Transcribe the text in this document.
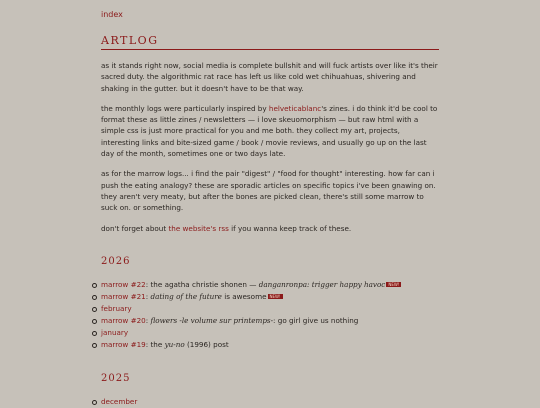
index
ARTLOG

as it stands right now, social media is complete bullshit and will fuck artists over like it's their sacred duty. the algorithmic rat race has left us like cold wet chihuahuas, shivering and shaking in the gutter. but it doesn't have to be that way.

the monthly logs were particularly inspired by helveticablanc's zines. i do think it'd be cool to format these as little zines / newsletters — i love skeuomorphism — but raw html with a simple css is just more practical for you and me both. they collect my art, projects, interesting links and bite-sized game / book / movie reviews, and usually go up on the last day of the month, sometimes one or two days late.

as for the marrow logs... i find the pair "digest" / "food for thought" interesting. how far can i push the eating analogy? these are sporadic articles on specific topics i've been gnawing on. they aren't very meaty, but after the bones are picked clean, there's still some marrow to suck on. or something.

don't forget about the website's rss if you wanna keep track of these.

2026
marrow #22: the agatha christie shonen — danganronpa: trigger happy havoc NEW!
marrow #21: dating of the future is awesome NEW!
february
marrow #20: flowers -le volume sur printemps-: go girl give us nothing
january
marrow #19: the yu-no (1996) post
2025
december
